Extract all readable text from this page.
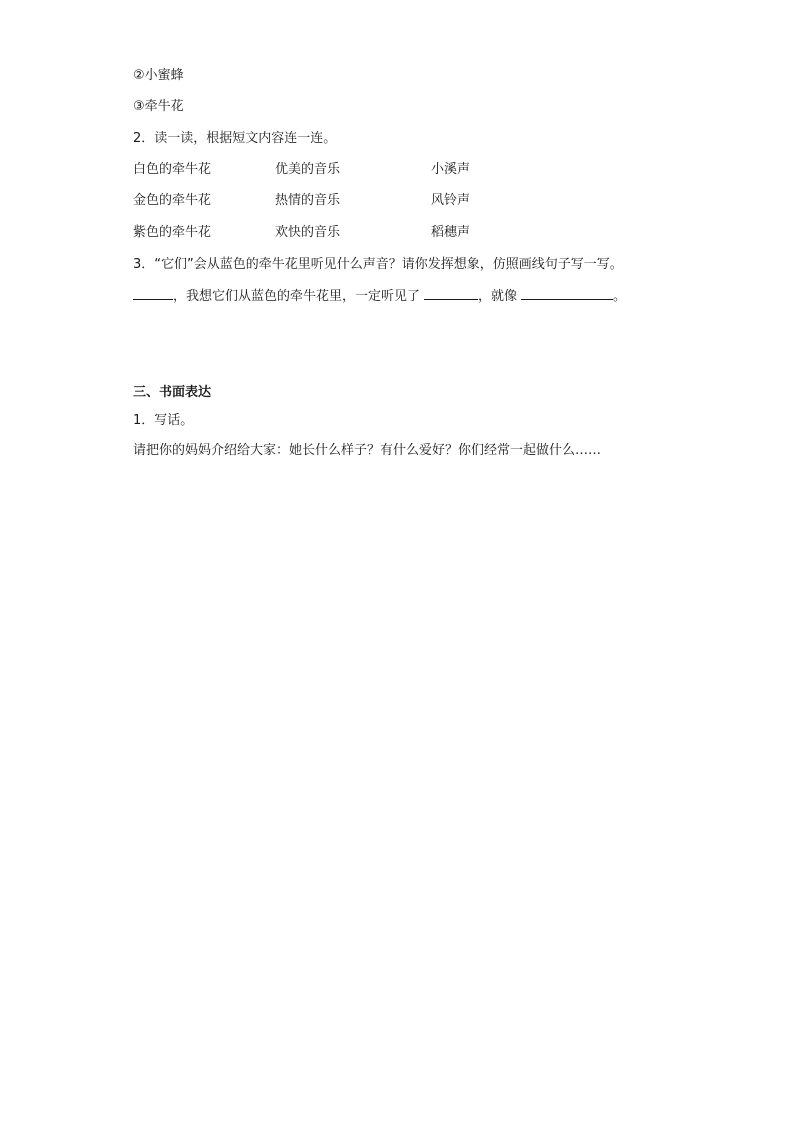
②小蜜蜂
③牵牛花
2．读一读，根据短文内容连一连。
白色的牵牛花	优美的音乐	小溪声
金色的牵牛花	热情的音乐	风铃声
紫色的牵牛花	欢快的音乐	稻穗声
3．“它们”会从蓝色的牵牛花里听见什么声音？请你发挥想象，仿照画线句子写一写。
，我想它们从蓝色的牵牛花里，一定听见了	，就像	。
三、书面表达
1．写话。
请把你的妈妈介绍给大家：她长什么样子？有什么爱好？你们经常一起做什么……
